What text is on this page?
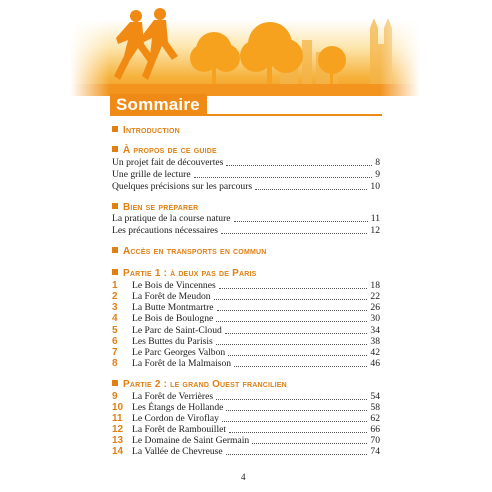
Sommaire
Introduction
À propos de ce guide
Un projet fait de découvertes	8
Une grille de lecture	9
Quelques précisions sur les parcours	10
Bien se préparer
La pratique de la course nature	11
Les précautions nécessaires	12
Accès en transports en commun
Partie 1 : à deux pas de Paris
1	Le Bois de Vincennes	18
2	La Forêt de Meudon	22
3	La Butte Montmartre	26
4	Le Bois de Boulogne	30
5	Le Parc de Saint-Cloud	34
6	Les Buttes du Parisis	38
7	Le Parc Georges Valbon	42
8	La Forêt de la Malmaison	46
Partie 2 : le grand Ouest francilien
9	La Forêt de Verrières	54
10 Les Étangs de Hollande	58
11 Le Cordon de Viroflay	62
12 La Forêt de Rambouillet	66
13 Le Domaine de Saint Germain	70
14 La Vallée de Chevreuse	74
4
